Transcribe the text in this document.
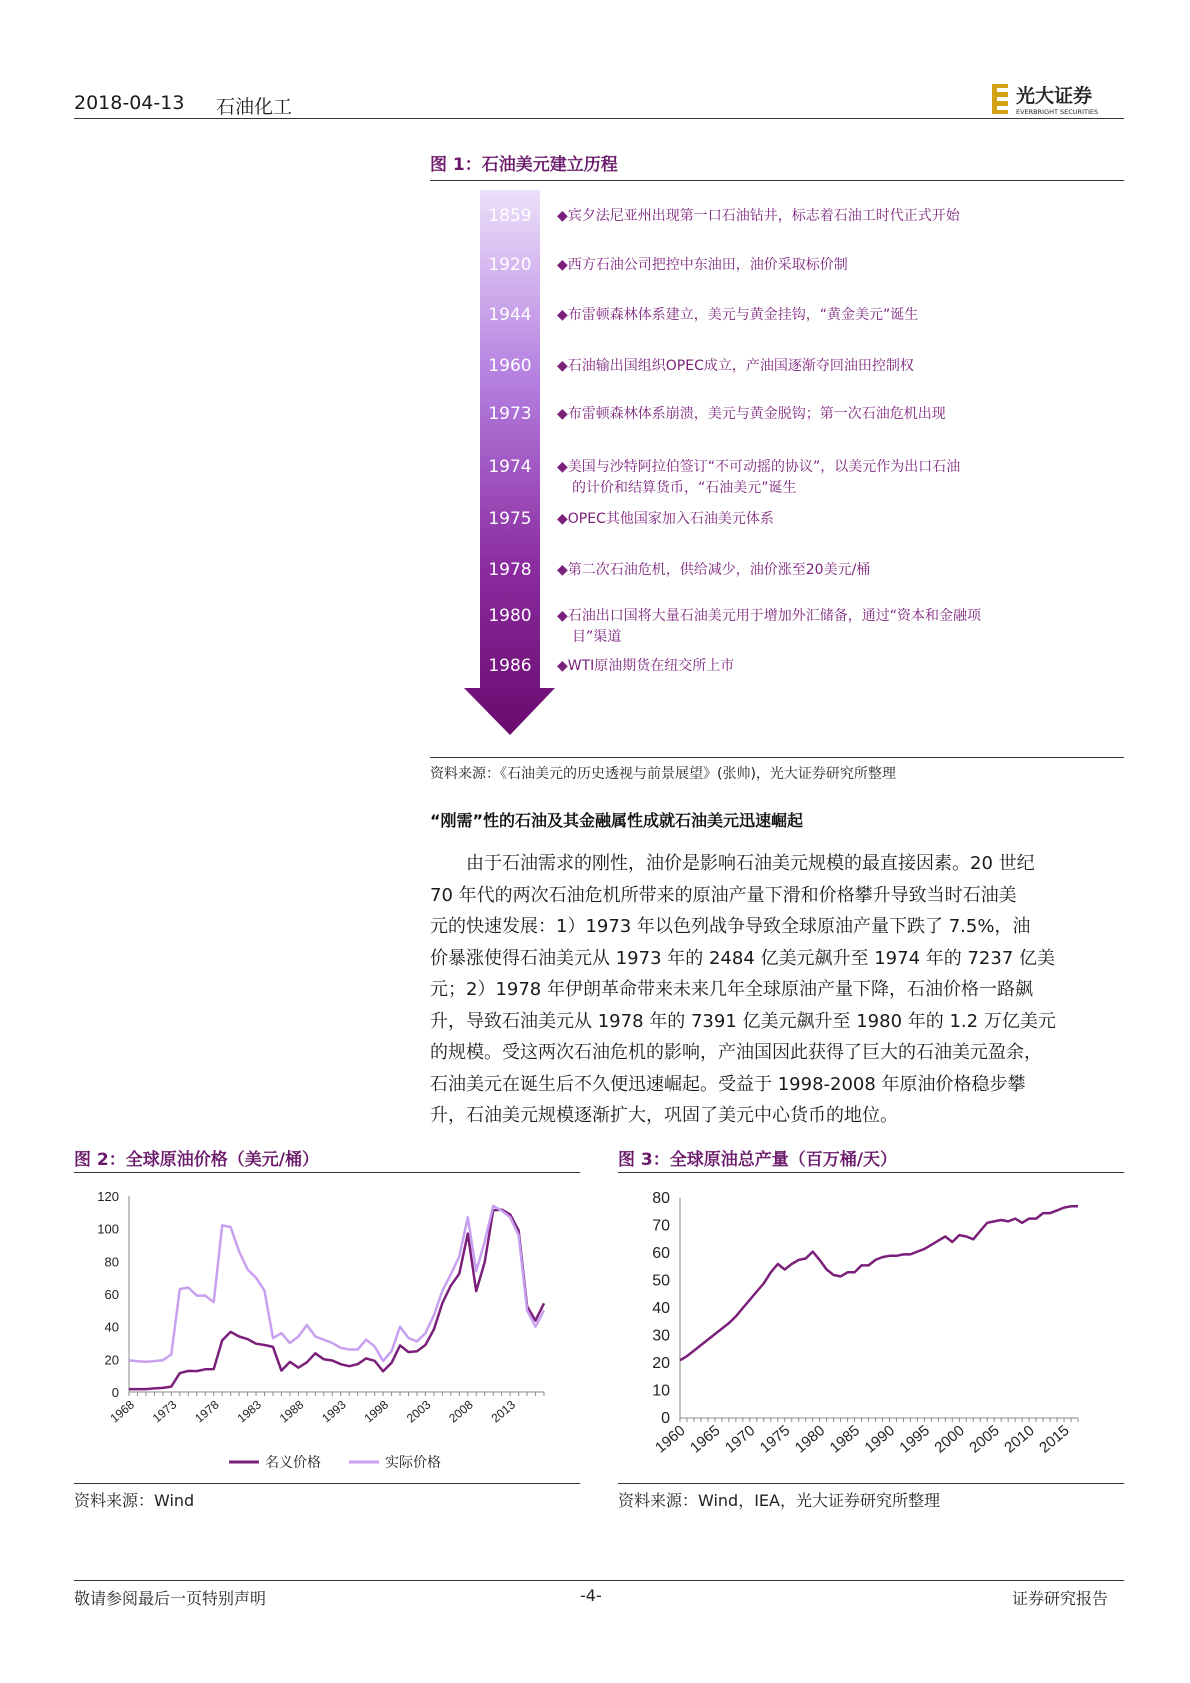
2018-04-13 石油化工	光大证券
EVERBRIGHT SECURITIES
图 1：石油美元建立历程
1859	◆宾夕法尼亚州出现第一口石油钻井，标志着石油工时代正式开始
1920	◆西方石油公司把控中东油田，油价采取标价制
1944	◆布雷顿森林体系建立，美元与黄金挂钩，“黄金美元”诞生
1960	◆石油输出国组织OPEC成立，产油国逐渐夺回油田控制权
1973	◆布雷顿森林体系崩溃，美元与黄金脱钩；第一次石油危机出现
1974	◆美国与沙特阿拉伯签订“不可动摇的协议”，以美元作为出口石油
的计价和结算货币，“石油美元”诞生
1975	◆OPEC其他国家加入石油美元体系
1978	◆第二次石油危机，供给减少，油价涨至20美元/桶
1980	◆石油出口国将大量石油美元用于增加外汇储备，通过“资本和金融项
目”渠道
1986	◆WTI原油期货在纽交所上市
资料来源：《石油美元的历史透视与前景展望》(张帅)，光大证券研究所整理
“刚需”性的石油及其金融属性成就石油美元迅速崛起
由于石油需求的刚性，油价是影响石油美元规模的最直接因素。20 世纪
70 年代的两次石油危机所带来的原油产量下滑和价格攀升导致当时石油美
元的快速发展：1）1973 年以色列战争导致全球原油产量下跌了 7.5%，油
价暴涨使得石油美元从 1973 年的 2484 亿美元飙升至 1974 年的 7237 亿美
元；2）1978 年伊朗革命带来未来几年全球原油产量下降，石油价格一路飙
升，导致石油美元从 1978 年的 7391 亿美元飙升至 1980 年的 1.2 万亿美元
的规模。受这两次石油危机的影响，产油国因此获得了巨大的石油美元盈余，
石油美元在诞生后不久便迅速崛起。受益于 1998-2008 年原油价格稳步攀
升，石油美元规模逐渐扩大，巩固了美元中心货币的地位。
图 2：全球原油价格（美元/桶）
0
20
40
60
80
100
120
1968 1973 1978 1983 1988 1993 1998 2003 2008 2013
名义价格	实际价格
资料来源：Wind
图 3：全球原油总产量（百万桶/天）
0
10
20
30
40
50
60
70
80
1960
1965
1970
1975
1980
1985
1990
1995
2000
2005
2010
2015
资料来源：Wind，IEA，光大证券研究所整理
敬请参阅最后一页特别声明	-4-	证券研究报告
